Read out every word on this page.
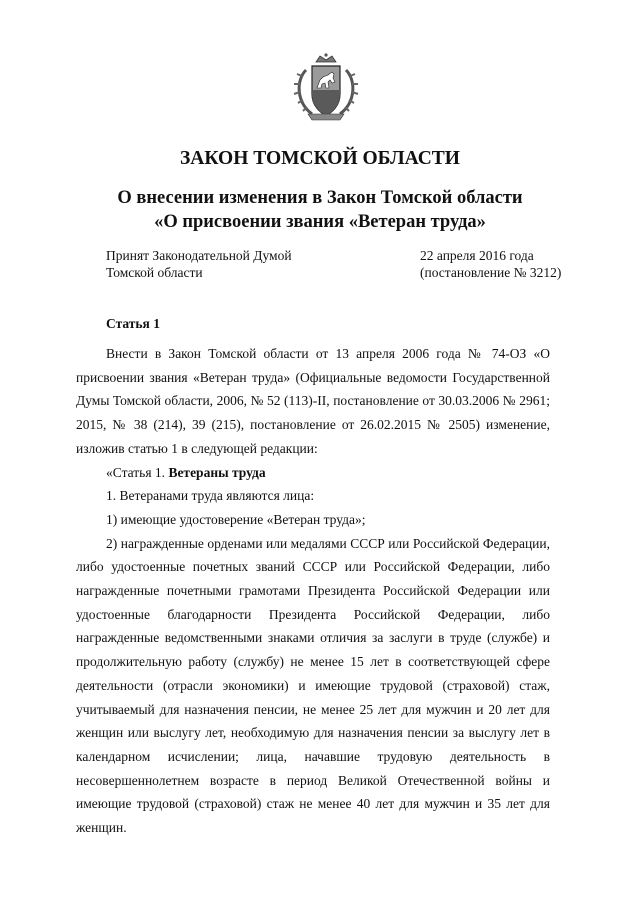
ЗАКОН ТОМСКОЙ ОБЛАСТИ
О внесении изменения в Закон Томской области
«О присвоении звания «Ветеран труда»
Принят Законодательной Думой
Томской области
22 апреля 2016 года
(постановление № 3212)
Статья 1

Внести в Закон Томской области от 13 апреля 2006 года № 74-ОЗ «О присвоении звания «Ветеран труда» (Официальные ведомости Государственной Думы Томской области, 2006, № 52 (113)-II, постановление от 30.03.2006 № 2961; 2015, № 38 (214), 39 (215), постановление от 26.02.2015 № 2505) изменение, изложив статью 1 в следующей редакции:

«Статья 1. Ветераны труда

1. Ветеранами труда являются лица:

1) имеющие удостоверение «Ветеран труда»;

2) награжденные орденами или медалями СССР или Российской Федерации, либо удостоенные почетных званий СССР или Российской Федерации, либо награжденные почетными грамотами Президента Российской Федерации или удостоенные благодарности Президента Российской Федерации, либо награжденные ведомственными знаками отличия за заслуги в труде (службе) и продолжительную работу (службу) не менее 15 лет в соответствующей сфере деятельности (отрасли экономики) и имеющие трудовой (страховой) стаж, учитываемый для назначения пенсии, не менее 25 лет для мужчин и 20 лет для женщин или выслугу лет, необходимую для назначения пенсии за выслугу лет в календарном исчислении; лица, начавшие трудовую деятельность в несовершеннолетнем возрасте в период Великой Отечественной войны и имеющие трудовой (страховой) стаж не менее 40 лет для мужчин и 35 лет для женщин.
